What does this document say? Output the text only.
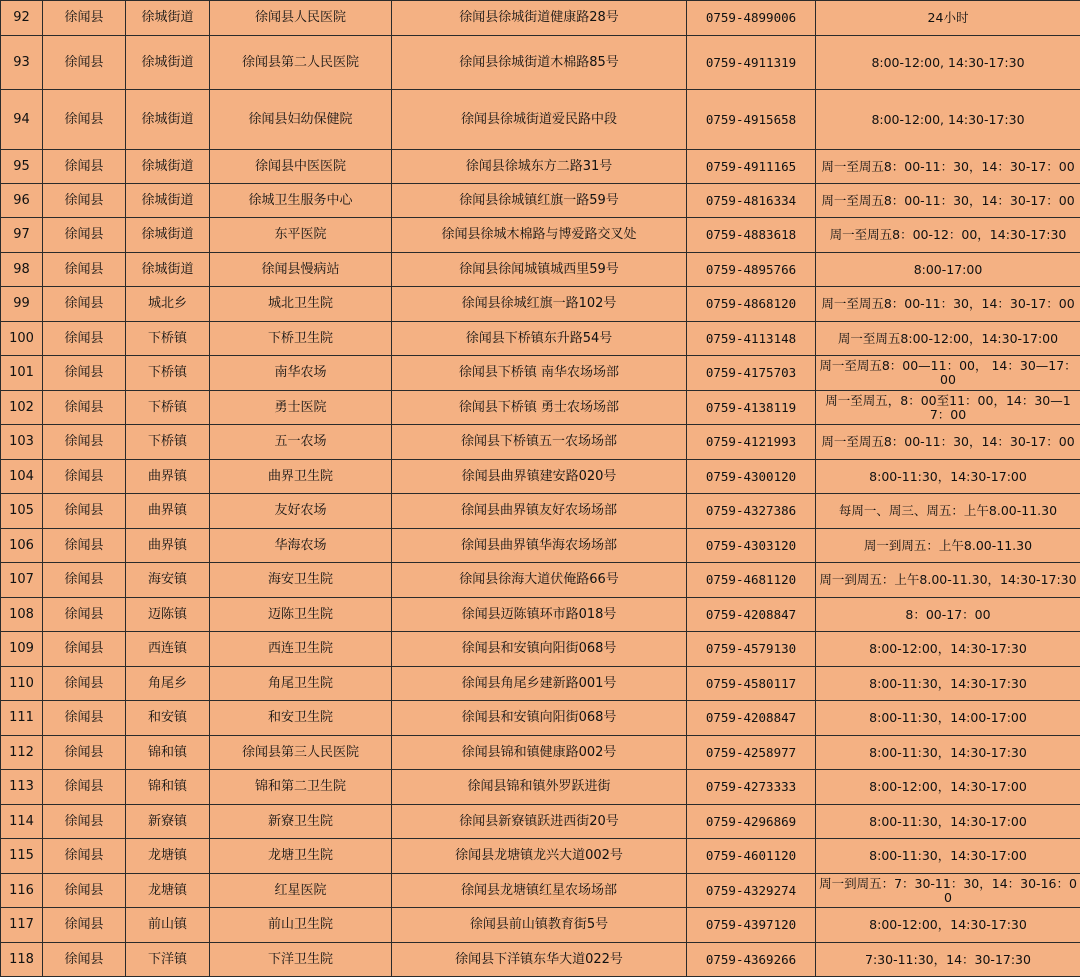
92	徐闻县	徐城街道	徐闻县人民医院	徐闻县徐城街道健康路28号	0759-4899006	24小时
93	徐闻县	徐城街道	徐闻县第二人民医院	徐闻县徐城街道木棉路85号	0759-4911319	8:00-12:00, 14:30-17:30
94	徐闻县	徐城街道	徐闻县妇幼保健院	徐闻县徐城街道爱民路中段	0759-4915658	8:00-12:00, 14:30-17:30
95	徐闻县	徐城街道	徐闻县中医医院	徐闻县徐城东方二路31号	0759-4911165	周一至周五8：00-11：30，14：30-17：00
96	徐闻县	徐城街道	徐城卫生服务中心	徐闻县徐城镇红旗一路59号	0759-4816334	周一至周五8：00-11：30，14：30-17：00
97	徐闻县	徐城街道	东平医院	徐闻县徐城木棉路与博爱路交叉处	0759-4883618	周一至周五8：00-12：00，14:30-17:30
98	徐闻县	徐城街道	徐闻县慢病站	徐闻县徐闻城镇城西里59号	0759-4895766	8:00-17:00
99	徐闻县	城北乡	城北卫生院	徐闻县徐城红旗一路102号	0759-4868120	周一至周五8：00-11：30，14：30-17：00
100	徐闻县	下桥镇	下桥卫生院	徐闻县下桥镇东升路54号	0759-4113148	周一至周五8:00-12:00，14:30-17:00
101	徐闻县	下桥镇	南华农场	徐闻县下桥镇 南华农场场部	0759-4175703	周一至周五8：00—11：00， 14：30—17：00
102	徐闻县	下桥镇	勇士医院	徐闻县下桥镇 勇士农场场部	0759-4138119	周一至周五，8：00至11：00，14：30—17：00
103	徐闻县	下桥镇	五一农场	徐闻县下桥镇五一农场场部	0759-4121993	周一至周五8：00-11：30，14：30-17：00
104	徐闻县	曲界镇	曲界卫生院	徐闻县曲界镇建安路020号	0759-4300120	8:00-11:30，14:30-17:00
105	徐闻县	曲界镇	友好农场	徐闻县曲界镇友好农场场部	0759-4327386	每周一、周三、周五：上午8.00-11.30
106	徐闻县	曲界镇	华海农场	徐闻县曲界镇华海农场场部	0759-4303120	周一到周五：上午8.00-11.30
107	徐闻县	海安镇	海安卫生院	徐闻县徐海大道伏俺路66号	0759-4681120	周一到周五：上午8.00-11.30，14:30-17:30
108	徐闻县	迈陈镇	迈陈卫生院	徐闻县迈陈镇环市路018号	0759-4208847	8：00-17：00
109	徐闻县	西连镇	西连卫生院	徐闻县和安镇向阳街068号	0759-4579130	8:00-12:00，14:30-17:30
110	徐闻县	角尾乡	角尾卫生院	徐闻县角尾乡建新路001号	0759-4580117	8:00-11:30，14:30-17:30
111	徐闻县	和安镇	和安卫生院	徐闻县和安镇向阳街068号	0759-4208847	8:00-11:30，14:00-17:00
112	徐闻县	锦和镇	徐闻县第三人民医院	徐闻县锦和镇健康路002号	0759-4258977	8:00-11:30，14:30-17:30
113	徐闻县	锦和镇	锦和第二卫生院	徐闻县锦和镇外罗跃进街	0759-4273333	8:00-12:00，14:30-17:00
114	徐闻县	新寮镇	新寮卫生院	徐闻县新寮镇跃进西街20号	0759-4296869	8:00-11:30，14:30-17:00
115	徐闻县	龙塘镇	龙塘卫生院	徐闻县龙塘镇龙兴大道002号	0759-4601120	8:00-11:30，14:30-17:00
116	徐闻县	龙塘镇	红星医院	徐闻县龙塘镇红星农场场部	0759-4329274	周一到周五：7：30-11：30，14：30-16：00
117	徐闻县	前山镇	前山卫生院	徐闻县前山镇教育街5号	0759-4397120	8:00-12:00，14:30-17:30
118	徐闻县	下洋镇	下洋卫生院	徐闻县下洋镇东华大道022号	0759-4369266	7:30-11:30，14：30-17:30
